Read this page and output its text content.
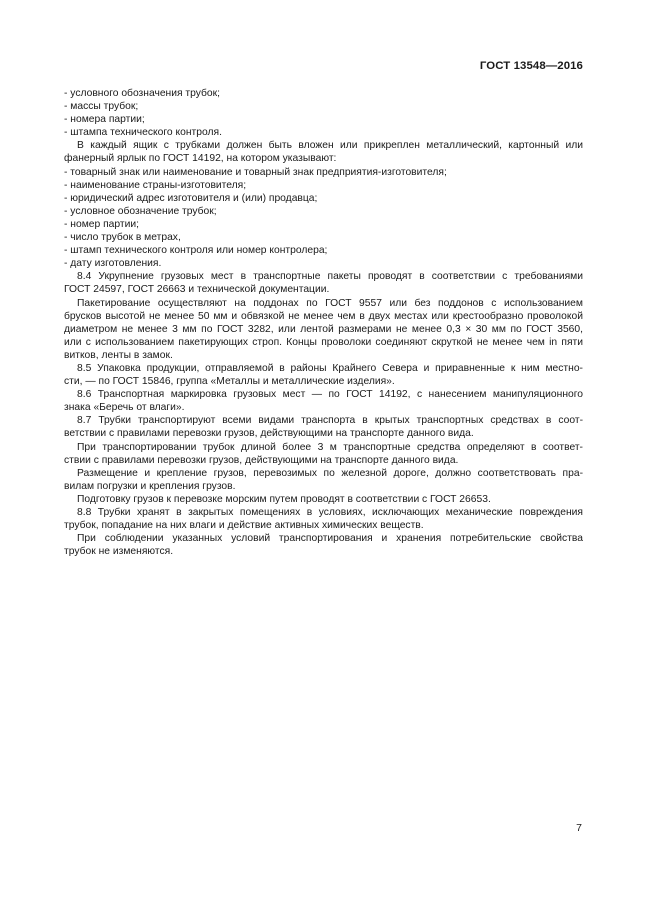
ГОСТ 13548—2016
- условного обозначения трубок;
- массы трубок;
- номера партии;
- штампа технического контроля.
В каждый ящик с трубками должен быть вложен или прикреплен металлический, картонный или
фанерный ярлык по ГОСТ 14192, на котором указывают:
- товарный знак или наименование и товарный знак предприятия-изготовителя;
- наименование страны-изготовителя;
- юридический адрес изготовителя и (или) продавца;
- условное обозначение трубок;
- номер партии;
- число трубок в метрах,
- штамп технического контроля или номер контролера;
- дату изготовления.
8.4 Укрупнение грузовых мест в транспортные пакеты проводят в соответствии с требованиями
ГОСТ 24597, ГОСТ 26663 и технической документации.
Пакетирование осуществляют на поддонах по ГОСТ 9557 или без поддонов с использованием
брусков высотой не менее 50 мм и обвязкой не менее чем в двух местах или крестообразно проволокой
диаметром не менее 3 мм по ГОСТ 3282, или лентой размерами не менее 0,3 × 30 мм по ГОСТ 3560,
или с использованием пакетирующих строп. Концы проволоки соединяют скруткой не менее чем in пяти
витков, ленты в замок.
8.5 Упаковка продукции, отправляемой в районы Крайнего Севера и приравненные к ним местно-
сти, — по ГОСТ 15846, группа «Металлы и металлические изделия».
8.6 Транспортная маркировка грузовых мест — по ГОСТ 14192, с нанесением манипуляционного
знака «Беречь от влаги».
8.7 Трубки транспортируют всеми видами транспорта в крытых транспортных средствах в соот-
ветствии с правилами перевозки грузов, действующими на транспорте данного вида.
При транспортировании трубок длиной более 3 м транспортные средства определяют в соответ-
ствии с правилами перевозки грузов, действующими на транспорте данного вида.
Размещение и крепление грузов, перевозимых по железной дороге, должно соответствовать пра-
вилам погрузки и крепления грузов.
Подготовку грузов к перевозке морским путем проводят в соответствии с ГОСТ 26653.
8.8 Трубки хранят в закрытых помещениях в условиях, исключающих механические повреждения
трубок, попадание на них влаги и действие активных химических веществ.
При соблюдении указанных условий транспортирования и хранения потребительские свойства
трубок не изменяются.
7
